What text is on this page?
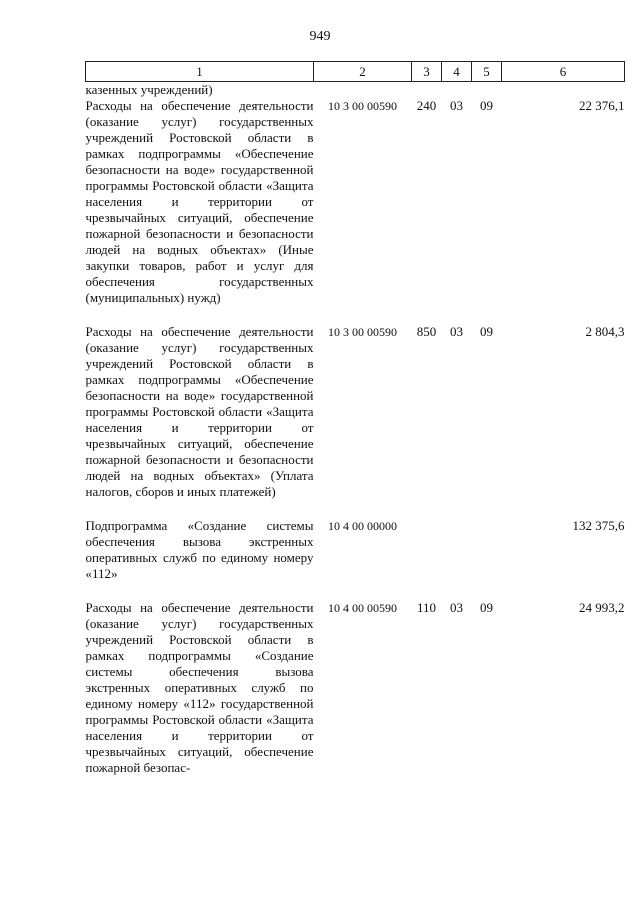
949
1	2	3	4	5	6
казенных учреждений)					
Расходы на обеспечение деятельности (оказание услуг) государственных учреждений Ростовской области в рамках подпрограммы «Обеспечение безопасности на воде» государственной программы Ростовской области «Защита населения и территории от чрезвычайных ситуаций, обеспечение пожарной безопасности и безопасности людей на водных объектах» (Иные закупки товаров, работ и услуг для обеспечения государственных (муниципальных) нужд)	10 3 00 00590	240	03	09	22 376,1
Расходы на обеспечение деятельности (оказание услуг) государственных учреждений Ростовской области в рамках подпрограммы «Обеспечение безопасности на воде» государственной программы Ростовской области «Защита населения и территории от чрезвычайных ситуаций, обеспечение пожарной безопасности и безопасности людей на водных объектах» (Уплата налогов, сборов и иных платежей)	10 3 00 00590	850	03	09	2 804,3
Подпрограмма «Создание системы обеспечения вызова экстренных оперативных служб по единому номеру «112»	10 4 00 00000				132 375,6
Расходы на обеспечение деятельности (оказание услуг) государственных учреждений Ростовской области в рамках подпрограммы «Создание системы обеспечения вызова экстренных оперативных служб по единому номеру «112» государственной программы Ростовской области «Защита населения и территории от чрезвычайных ситуаций, обеспечение пожарной безопас-	10 4 00 00590	110	03	09	24 993,2
